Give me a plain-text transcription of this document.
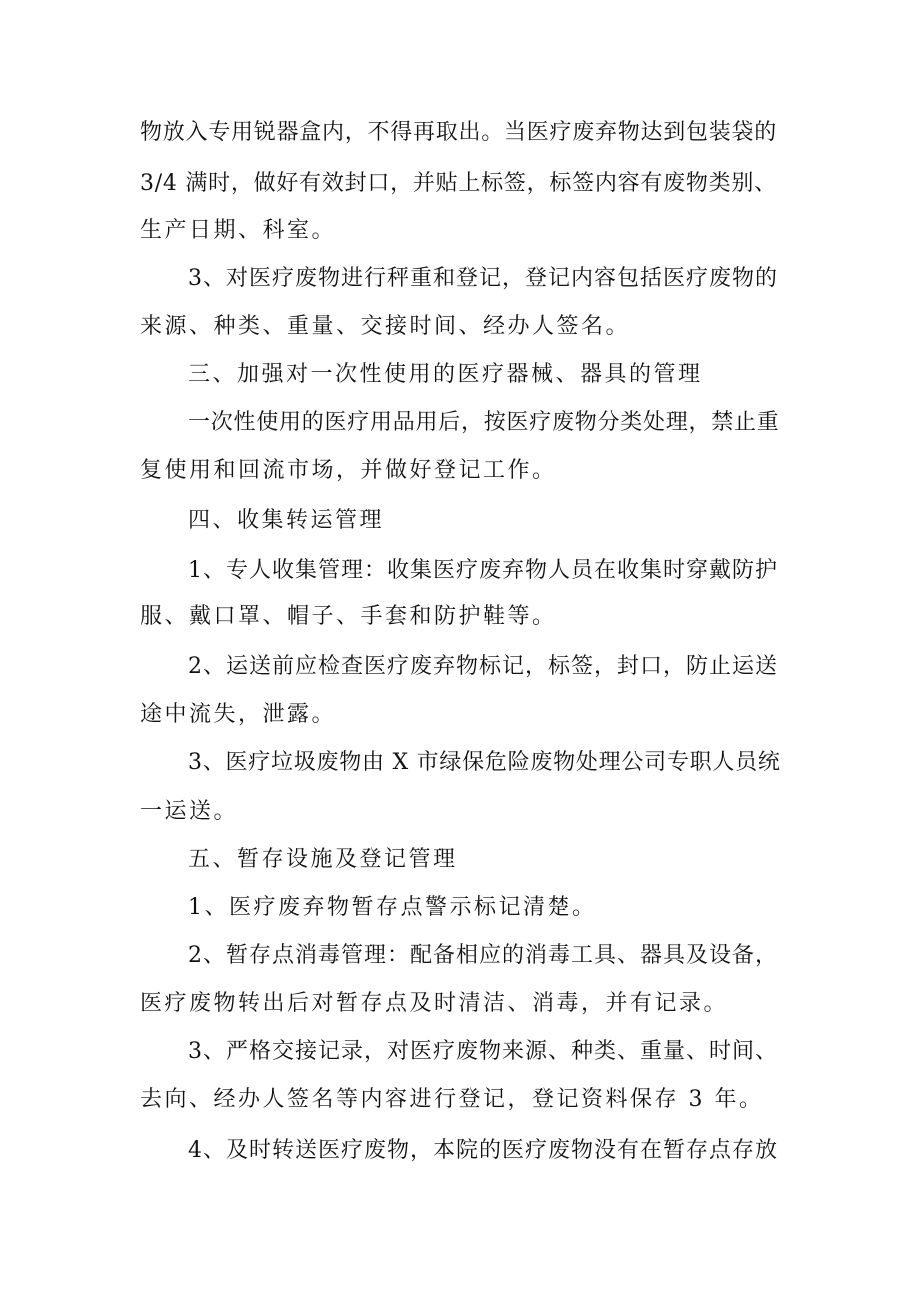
物放入专用锐器盒内，不得再取出。当医疗废弃物达到包装袋的
3/4 满时，做好有效封口，并贴上标签，标签内容有废物类别、
生产日期、科室。
3、对医疗废物进行秤重和登记，登记内容包括医疗废物的
来源、种类、重量、交接时间、经办人签名。
三、加强对一次性使用的医疗器械、器具的管理
一次性使用的医疗用品用后，按医疗废物分类处理，禁止重
复使用和回流市场，并做好登记工作。
四、收集转运管理
1、专人收集管理：收集医疗废弃物人员在收集时穿戴防护
服、戴口罩、帽子、手套和防护鞋等。
2、运送前应检查医疗废弃物标记，标签，封口，防止运送
途中流失，泄露。
3、医疗垃圾废物由 X 市绿保危险废物处理公司专职人员统
一运送。
五、暂存设施及登记管理
1、医疗废弃物暂存点警示标记清楚。
2、暂存点消毒管理：配备相应的消毒工具、器具及设备，
医疗废物转出后对暂存点及时清洁、消毒，并有记录。
3、严格交接记录，对医疗废物来源、种类、重量、时间、
去向、经办人签名等内容进行登记，登记资料保存 3 年。
4、及时转送医疗废物，本院的医疗废物没有在暂存点存放
